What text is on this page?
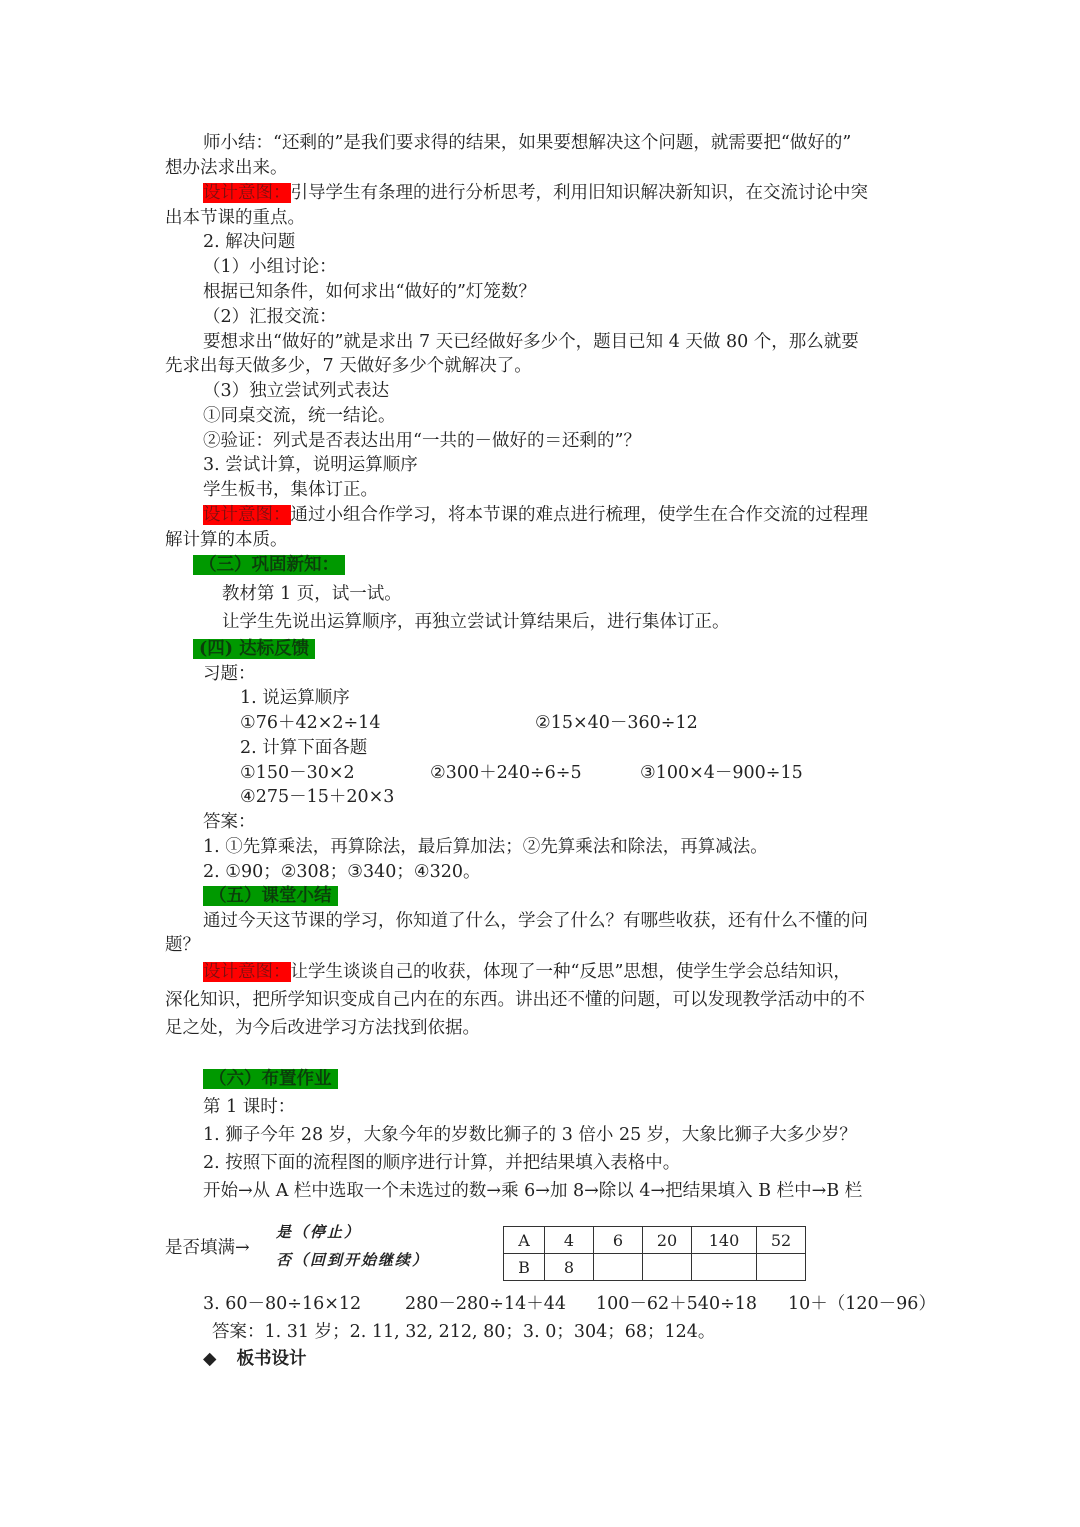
师小结：“还剩的”是我们要求得的结果，如果要想解决这个问题，就需要把“做好的”
想办法求出来。
设计意图：引导学生有条理的进行分析思考，利用旧知识解决新知识，在交流讨论中突
出本节课的重点。
2. 解决问题
（1）小组讨论：
根据已知条件，如何求出“做好的”灯笼数？
（2）汇报交流：
要想求出“做好的”就是求出 7 天已经做好多少个，题目已知 4 天做 80 个，那么就要
先求出每天做多少，7 天做好多少个就解决了。
（3）独立尝试列式表达
①同桌交流，统一结论。
②验证：列式是否表达出用“一共的－做好的＝还剩的”？
3. 尝试计算，说明运算顺序
学生板书，集体订正。
设计意图：通过小组合作学习，将本节课的难点进行梳理，使学生在合作交流的过程理
解计算的本质。
（三）巩固新知：
教材第 1 页，试一试。
让学生先说出运算顺序，再独立尝试计算结果后，进行集体订正。
(四) 达标反馈
习题：
1. 说运算顺序
①76＋42×2÷14	②15×40－360÷12
2. 计算下面各题
①150－30×2	②300＋240÷6÷5	③100×4－900÷15
④275－15＋20×3
答案：
1. ①先算乘法，再算除法，最后算加法；②先算乘法和除法，再算减法。
2. ①90；②308；③340；④320。
（五）课堂小结
通过今天这节课的学习，你知道了什么，学会了什么？有哪些收获，还有什么不懂的问
题？
设计意图：让学生谈谈自己的收获，体现了一种“反思”思想，使学生学会总结知识，
深化知识，把所学知识变成自己内在的东西。讲出还不懂的问题，可以发现教学活动中的不
足之处，为今后改进学习方法找到依据。
（六）布置作业
第 1 课时：
1. 狮子今年 28 岁，大象今年的岁数比狮子的 3 倍小 25 岁，大象比狮子大多少岁？
2. 按照下面的流程图的顺序进行计算，并把结果填入表格中。
开始→从 A 栏中选取一个未选过的数→乘 6→加 8→除以 4→把结果填入 B 栏中→B 栏
是否填满→
是（停止）
否（回到开始继续）
A	4	6	20	140	52
B	8				
3. 60－80÷16×12	280－280÷14＋44 100－62＋540÷18 10＋（120－96）
答案：1. 31 岁；2. 11, 32, 212, 80；3. 0；304；68；124。
◆ 板书设计
